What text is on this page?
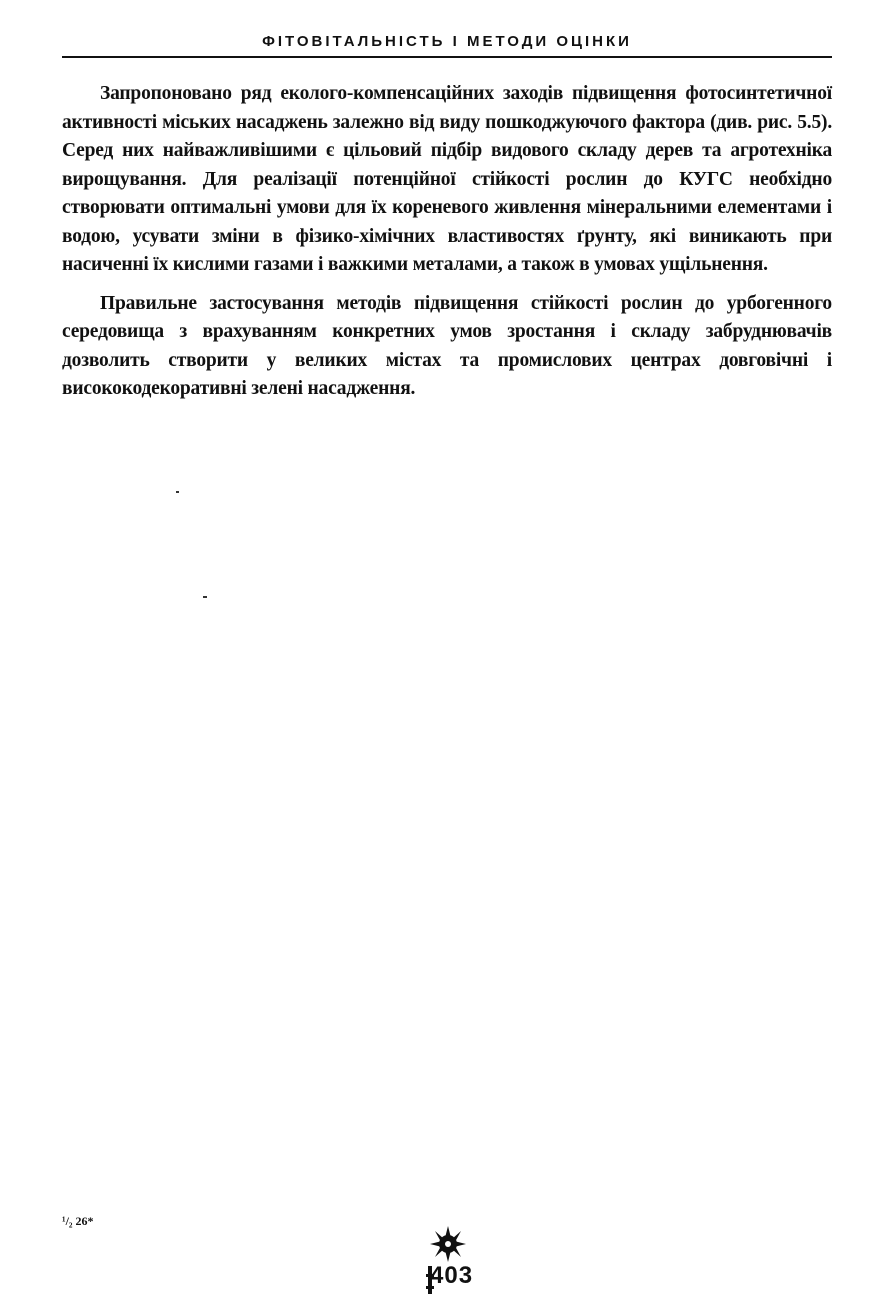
ФІТОВІТАЛЬНІСТЬ І МЕТОДИ ОЦІНКИ

Запропоновано ряд еколого-компенсаційних заходів підвищення фотосинтетичної активності міських насаджень залежно від виду пошкоджуючого фактора (див. рис. 5.5). Серед них найважливішими є цільовий підбір видового складу дерев та агротехніка вирощування. Для реалізації потенційної стійкості рослин до КУГС необхідно створювати оптимальні умови для їх кореневого живлення мінеральними елементами і водою, усувати зміни в фізико-хімічних властивостях ґрунту, які виникають при насиченні їх кислими газами і важкими металами, а також в умовах ущільнення.

Правильне застосування методів підвищення стійкості рослин до урбогенного середовища з врахуванням конкретних умов зростання і складу забруднювачів дозволить створити у великих містах та промислових центрах довговічні і висококодекоративні зелені насадження.

¹/₂ 26*
403
